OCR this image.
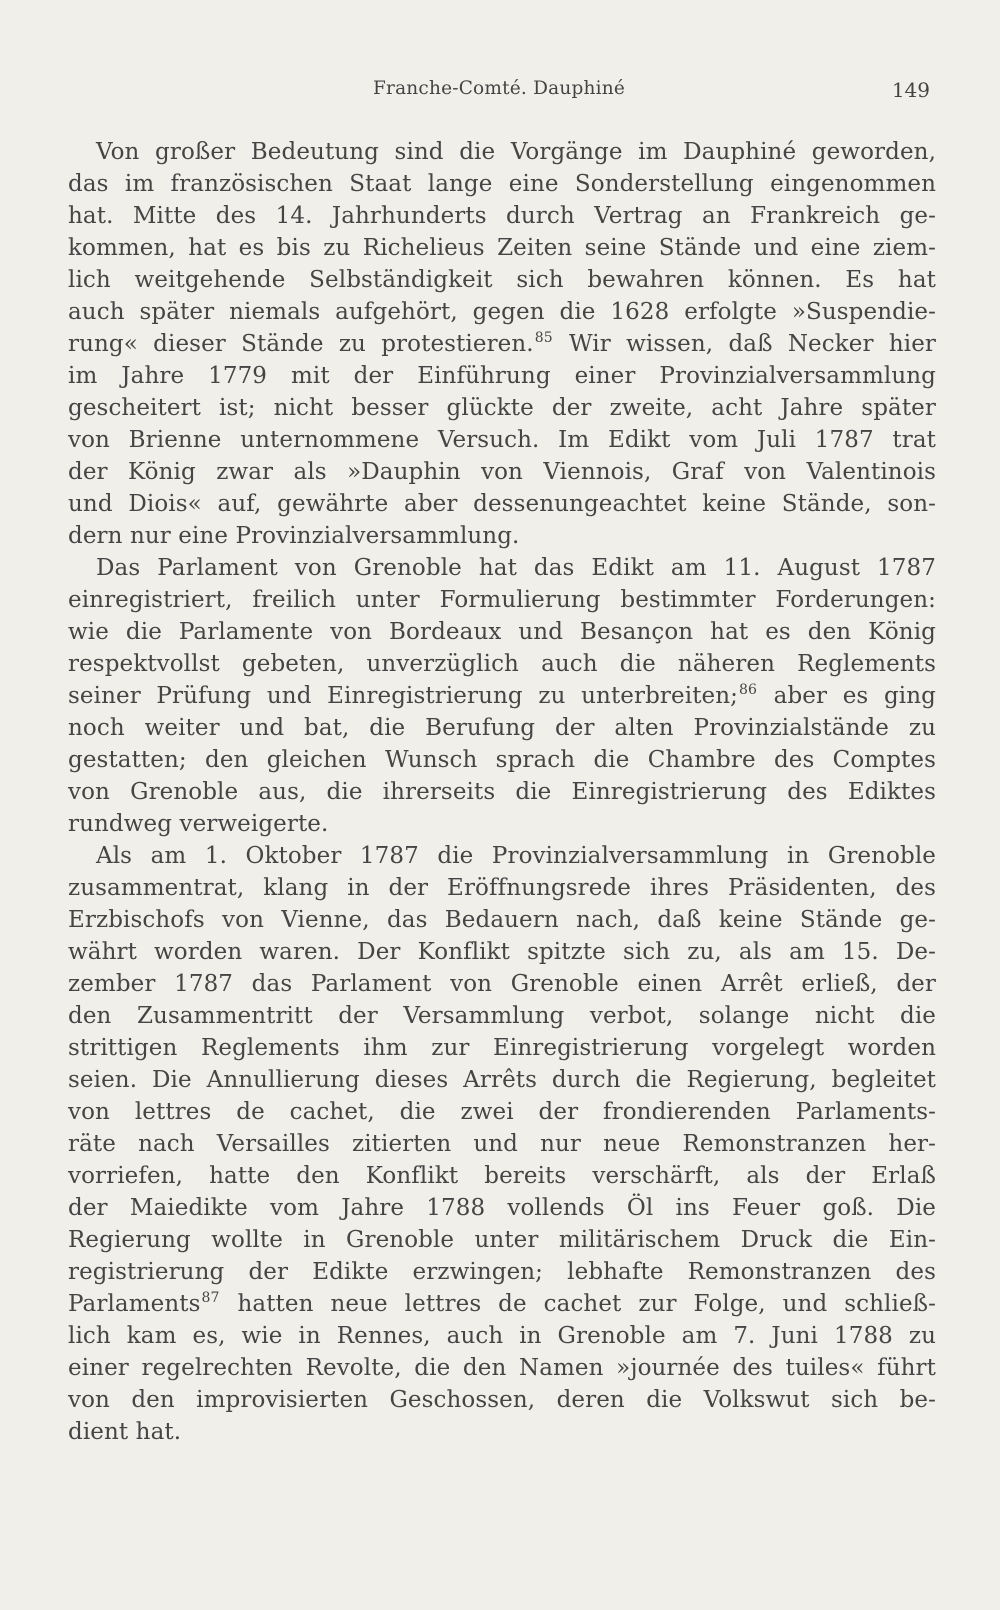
Franche-Comté. Dauphiné	149
Von großer Bedeutung sind die Vorgänge im Dauphiné geworden,
das im französischen Staat lange eine Sonderstellung eingenommen
hat. Mitte des 14. Jahrhunderts durch Vertrag an Frankreich ge-
kommen, hat es bis zu Richelieus Zeiten seine Stände und eine ziem-
lich weitgehende Selbständigkeit sich bewahren können. Es hat
auch später niemals aufgehört, gegen die 1628 erfolgte »Suspendie-
rung« dieser Stände zu protestieren.$^{85}$ Wir wissen, daß Necker hier
im Jahre 1779 mit der Einführung einer Provinzialversammlung
gescheitert ist; nicht besser glückte der zweite, acht Jahre später
von Brienne unternommene Versuch. Im Edikt vom Juli 1787 trat
der König zwar als »Dauphin von Viennois, Graf von Valentinois
und Diois« auf, gewährte aber dessenungeachtet keine Stände, son-
dern nur eine Provinzialversammlung.
Das Parlament von Grenoble hat das Edikt am 11. August 1787
einregistriert, freilich unter Formulierung bestimmter Forderungen:
wie die Parlamente von Bordeaux und Besançon hat es den König
respektvollst gebeten, unverzüglich auch die näheren Reglements
seiner Prüfung und Einregistrierung zu unterbreiten;$^{86}$ aber es ging
noch weiter und bat, die Berufung der alten Provinzialstände zu
gestatten; den gleichen Wunsch sprach die Chambre des Comptes
von Grenoble aus, die ihrerseits die Einregistrierung des Ediktes
rundweg verweigerte.
Als am 1. Oktober 1787 die Provinzialversammlung in Grenoble
zusammentrat, klang in der Eröffnungsrede ihres Präsidenten, des
Erzbischofs von Vienne, das Bedauern nach, daß keine Stände ge-
währt worden waren. Der Konflikt spitzte sich zu, als am 15. De-
zember 1787 das Parlament von Grenoble einen Arrêt erließ, der
den Zusammentritt der Versammlung verbot, solange nicht die
strittigen Reglements ihm zur Einregistrierung vorgelegt worden
seien. Die Annullierung dieses Arrêts durch die Regierung, begleitet
von lettres de cachet, die zwei der frondierenden Parlaments-
räte nach Versailles zitierten und nur neue Remonstranzen her-
vorriefen, hatte den Konflikt bereits verschärft, als der Erlaß
der Maiedikte vom Jahre 1788 vollends Öl ins Feuer goß. Die
Regierung wollte in Grenoble unter militärischem Druck die Ein-
registrierung der Edikte erzwingen; lebhafte Remonstranzen des
Parlaments$^{87}$ hatten neue lettres de cachet zur Folge, und schließ-
lich kam es, wie in Rennes, auch in Grenoble am 7. Juni 1788 zu
einer regelrechten Revolte, die den Namen »journée des tuiles« führt
von den improvisierten Geschossen, deren die Volkswut sich be-
dient hat.
